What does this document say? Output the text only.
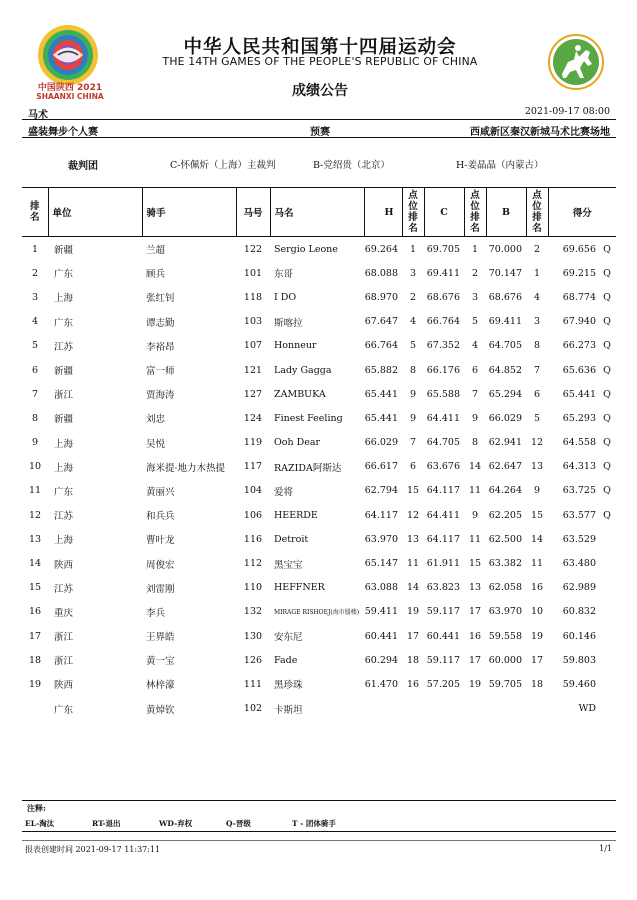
中国陕西 2021
SHAANXI CHINA
中华人民共和国第十四届运动会
THE 14TH GAMES OF THE PEOPLE'S REPUBLIC OF CHINA
成绩公告
马术	2021-09-17 08:00
盛装舞步个人赛	预赛	西咸新区秦汉新城马术比赛场地
裁判团	C-怀佩炘（上海）主裁判	B-党绍贵（北京）	H-姜晶晶（内蒙古）
排名	单位	骑手	马号	马名	H	点位排名	C	点位排名	B	点位排名	得分	
1	新疆	兰超	122	Sergio Leone	69.264	1	69.705	1	70.000	2	69.656	Q
2	广东	顾兵	101	东哥	68.088	3	69.411	2	70.147	1	69.215	Q
3	上海	张红钊	118	I DO	68.970	2	68.676	3	68.676	4	68.774	Q
4	广东	谭志勤	103	斯喀拉	67.647	4	66.764	5	69.411	3	67.940	Q
5	江苏	李裕昂	107	Honneur	66.764	5	67.352	4	64.705	8	66.273	Q
6	新疆	富一师	121	Lady Gagga	65.882	8	66.176	6	64.852	7	65.636	Q
7	浙江	贾海涛	127	ZAMBUKA	65.441	9	65.588	7	65.294	6	65.441	Q
8	新疆	刘忠	124	Finest Feeling	65.441	9	64.411	9	66.029	5	65.293	Q
9	上海	吴悦	119	Ooh Dear	66.029	7	64.705	8	62.941	12	64.558	Q
10	上海	海米提·地力木热提	117	RAZIDA阿斯达	66.617	6	63.676	14	62.647	13	64.313	Q
11	广东	黄丽兴	104	爱将	62.794	15	64.117	11	64.264	9	63.725	Q
12	江苏	和兵兵	106	HEERDE	64.117	12	64.411	9	62.205	15	63.577	Q
13	上海	曹叶龙	116	Detroit	63.970	13	64.117	11	62.500	14	63.529	
14	陕西	周俊宏	112	黑宝宝	65.147	11	61.911	15	63.382	11	63.480	
15	江苏	刘雷刚	110	HEFFNER	63.088	14	63.823	13	62.058	16	62.989	
16	重庆	李兵	132	MIRAGE RISHOEJ(海市蜃楼)	59.411	19	59.117	17	63.970	10	60.832	
17	浙江	王界皓	130	安东尼	60.441	17	60.441	16	59.558	19	60.146	
18	浙江	黄一宝	126	Fade	60.294	18	59.117	17	60.000	17	59.803	
19	陕西	林梓濠	111	黑珍珠	61.470	16	57.205	19	59.705	18	59.460	
	广东	黄焯钦	102	卡斯坦							WD	
注释:
EL-淘汰	RT-退出	WD-弃权	Q-晋级	T - 团体骑手
报表创建时间 2021-09-17 11:37:11	1/1
